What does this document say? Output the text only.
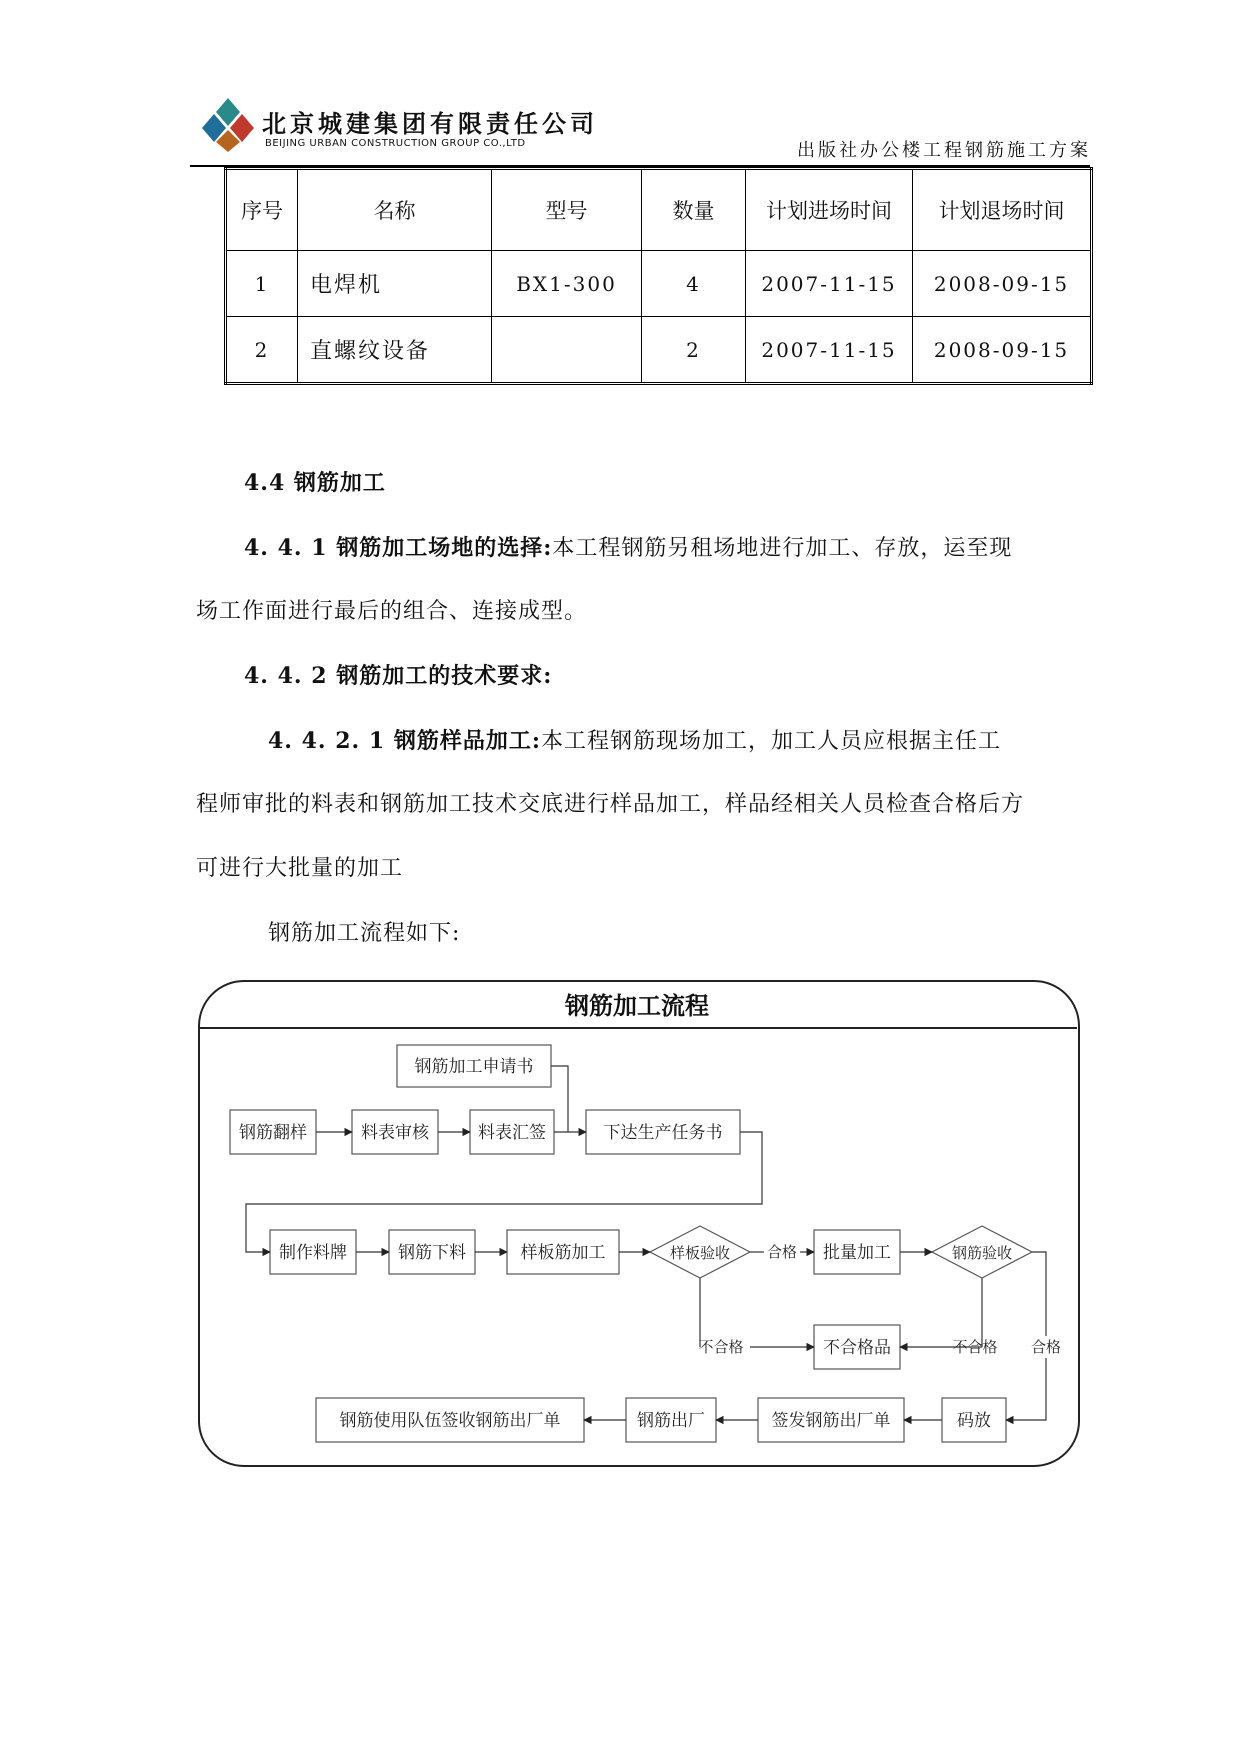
北京城建集团有限责任公司
BEIJING URBAN CONSTRUCTION GROUP CO.,LTD	出版社办公楼工程钢筋施工方案
序号	名称	型号	数量	计划进场时间	计划退场时间
1	电焊机	BX1-300	4	2007-11-15	2008-09-15
2	直螺纹设备		2	2007-11-15	2008-09-15
4.4 钢筋加工
4. 4. 1 钢筋加工场地的选择:本工程钢筋另租场地进行加工、存放，运至现
场工作面进行最后的组合、连接成型。
4. 4. 2 钢筋加工的技术要求:
4. 4. 2. 1 钢筋样品加工:本工程钢筋现场加工，加工人员应根据主任工
程师审批的料表和钢筋加工技术交底进行样品加工，样品经相关人员检查合格后方
可进行大批量的加工
钢筋加工流程如下:
钢筋加工流程
钢筋加工申请书
钢筋翻样	料表审核	料表汇签	下达生产任务书
制作料牌	钢筋下料	样板筋加工	样板验收	批量加工	钢筋验收
不合格品
码放
签发钢筋出厂单
钢筋出厂
钢筋使用队伍签收钢筋出厂单
合格
不合格	不合格 合格
